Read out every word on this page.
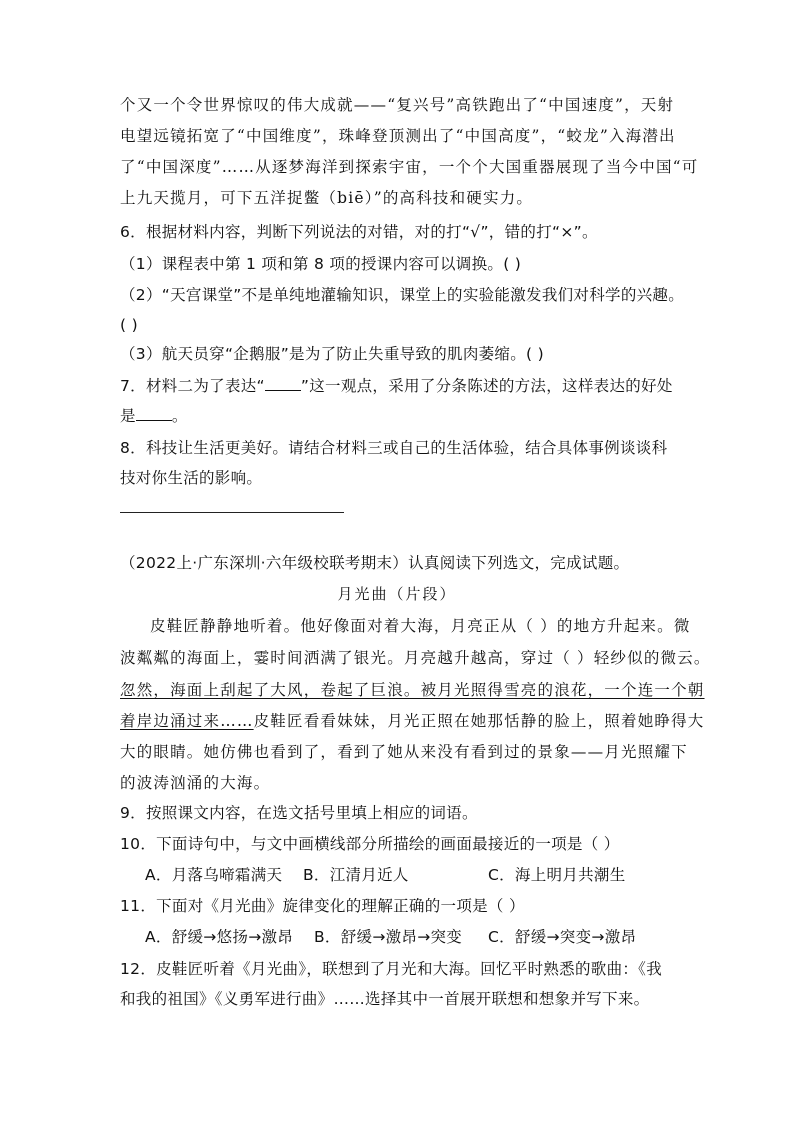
个又一个令世界惊叹的伟大成就——“复兴号”高铁跑出了“中国速度”，天射
电望远镜拓宽了“中国维度”，珠峰登顶测出了“中国高度”，“蛟龙”入海潜出
了“中国深度”……从逐梦海洋到探索宇宙，一个个大国重器展现了当今中国“可
上九天揽月，可下五洋捉鳖（biē）”的高科技和硬实力。
6．根据材料内容，判断下列说法的对错，对的打“√”，错的打“×”。
（1）课程表中第 1 项和第 8 项的授课内容可以调换。( )
（2）“天宫课堂”不是单纯地灌输知识，课堂上的实验能激发我们对科学的兴趣。
( )
（3）航天员穿“企鹅服”是为了防止失重导致的肌肉萎缩。( )
7．材料二为了表达“ ”这一观点，采用了分条陈述的方法，这样表达的好处
是 。
8．科技让生活更美好。请结合材料三或自己的生活体验，结合具体事例谈谈科
技对你生活的影响。
（2022上·广东深圳·六年级校联考期末）认真阅读下列选文，完成试题。
月光曲（片段）
皮鞋匠静静地听着。他好像面对着大海，月亮正从（ ）的地方升起来。微
波粼粼的海面上，霎时间洒满了银光。月亮越升越高，穿过（ ）轻纱似的微云。
忽然，海面上刮起了大风，卷起了巨浪。被月光照得雪亮的浪花，一个连一个朝
着岸边涌过来……皮鞋匠看看妹妹，月光正照在她那恬静的脸上，照着她睁得大
大的眼睛。她仿佛也看到了，看到了她从来没有看到过的景象——月光照耀下
的波涛汹涌的大海。
9．按照课文内容，在选文括号里填上相应的词语。
10．下面诗句中，与文中画横线部分所描绘的画面最接近的一项是（ ）
A．月落乌啼霜满天 B．江清月近人	C．海上明月共潮生
11．下面对《月光曲》旋律变化的理解正确的一项是（ ）
A．舒缓→悠扬→激昂 B．舒缓→激昂→突变 C．舒缓→突变→激昂
12．皮鞋匠听着《月光曲》，联想到了月光和大海。回忆平时熟悉的歌曲：《我
和我的祖国》《义勇军进行曲》……选择其中一首展开联想和想象并写下来。
